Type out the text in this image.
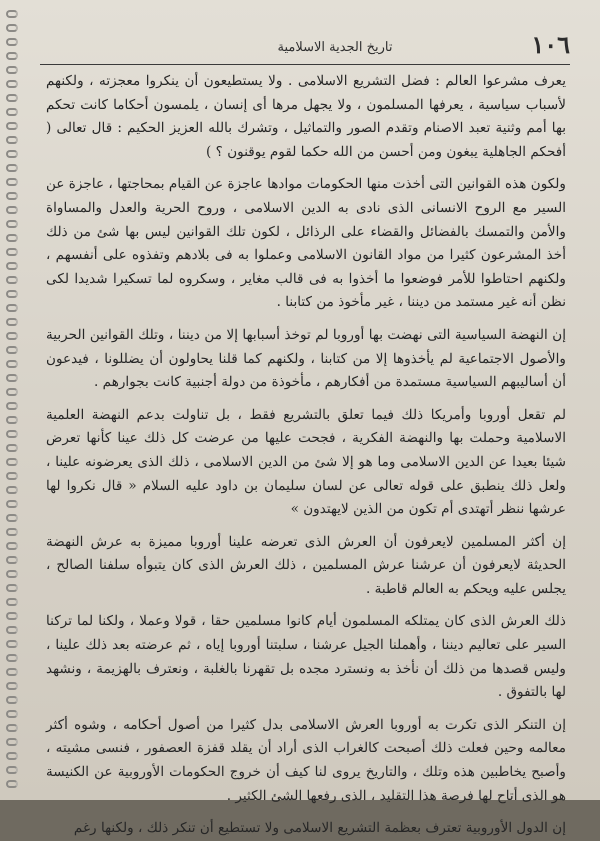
١٠٦
تاريخ الجدية الاسلامية

يعرف مشرعوا العالم : فضل التشريع الاسلامى . ولا يستطيعون أن ينكروا معجزته ، ولكنهم لأسباب سياسية ، يعرفها المسلمون ، ولا يجهل مرها أى إنسان ، يلمسون أحكاما كانت تحكم بها أمم وثنية تعبد الاصنام وتقدم الصور والتماثيل ، وتشرك بالله العزيز الحكيم : قال تعالى ( أفحكم الجاهلية يبغون ومن أحسن من الله حكما لقوم يوقنون ؟ )

ولكون هذه القوانين التى أخذت منها الحكومات موادها عاجزة عن القيام بمحاجتها ، عاجزة عن السير مع الروح الانسانى الذى نادى به الدين الاسلامى ، وروح الحرية والعدل والمساواة والأمن والتمسك بالفضائل والقضاء على الرذائل ، لكون تلك القوانين ليس بها شئ من ذلك أخذ المشرعون كثيرا من مواد القانون الاسلامى وعملوا به فى بلادهم وتفذوه على أنفسهم ، ولكنهم احتاطوا للأمر فوضعوا ما أخذوا به فى قالب مغاير ، وسكروه لما تسكيرا شديدا لكى نظن أنه غير مستمد من ديننا ، غير مأخوذ من كتابنا .

إن النهضة السياسية التى نهضت بها أوروبا لم توخذ أسبابها إلا من ديننا ، وتلك القوانين الحربية والأصول الاجتماعية لم يأخذوها إلا من كتابنا ، ولكنهم كما قلنا يحاولون أن يضللونا ، فيدعون أن أساليبهم السياسية مستمدة من أفكارهم ، مأخوذة من دولة أجنبية كانت بجوارهم .

لم تقعل أوروبا وأمريكا ذلك فيما تعلق بالتشريع فقط ، بل تناولت بدعم النهضة العلمية الاسلامية وحملت بها والنهضة الفكرية ، فجحت عليها من عرضت كل ذلك عينا كأنها تعرض شيئا بعيدا عن الدين الاسلامى وما هو إلا شئ من الدين الاسلامى ، ذلك الذى يعرضونه علينا ، ولعل ذلك ينطبق على قوله تعالى عن لسان سليمان بن داود عليه السلام « قال نكروا لها عرشها ننظر أتهتدى أم تكون من الذين لايهتدون »

إن أكثر المسلمين لايعرفون أن العرش الذى تعرضه علينا أوروبا مميزة به عرش النهضة الحديثة لايعرفون أن عرشنا عرش المسلمين ، ذلك العرش الذى كان يتبوأه سلفنا الصالح ، يجلس عليه ويحكم به العالم قاطبة .

ذلك العرش الذى كان يمتلكه المسلمون أيام كانوا مسلمين حقا ، قولا وعملا ، ولكنا لما تركنا السير على تعاليم ديننا ، وأهملنا الجيل عرشنا ، سلبتنا أوروبا إياه ، ثم عرضته بعد ذلك علينا ، وليس قصدها من ذلك أن نأخذ به ونسترد مجده بل تقهرنا بالغلبة ، ونعترف بالهزيمة ، ونشهد لها بالتفوق .

إن التنكر الذى تكرت به أوروبا العرش الاسلامى بدل كثيرا من أصول أحكامه ، وشوه أكثر معالمه وحين فعلت ذلك أصبحت كالغراب الذى أراد أن يقلد قفزة العصفور ، فنسى مشيته ، وأصبح يخاطبين هذه وتلك ، والتاريخ يروى لنا كيف أن خروج الحكومات الأوروبية عن الكنيسة هو الذى أتاح لها فرصة هذا التقليد ، الذى رفعها الشئ الكثير .

إن الدول الأوروبية تعترف بعظمة التشريع الاسلامى ولا تستطيع أن تنكر ذلك ، ولكنها رغم
